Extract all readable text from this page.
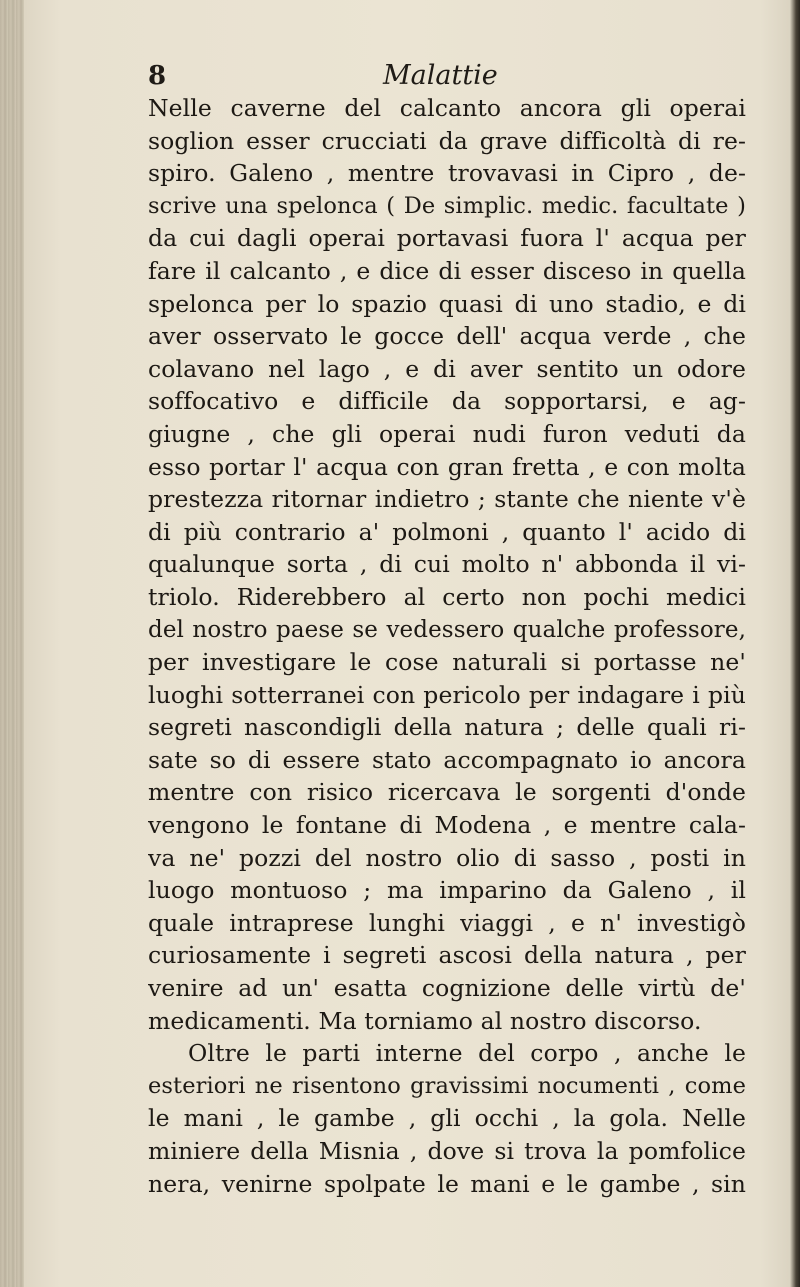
8	Malattie
Nelle caverne del calcanto ancora gli operai
soglion esser crucciati da grave difficoltà di re-
spiro. Galeno , mentre trovavasi in Cipro , de-
scrive una spelonca ( De simplic. medic. facultate )
da cui dagli operai portavasi fuora l' acqua per
fare il calcanto , e dice di esser disceso in quella
spelonca per lo spazio quasi di uno stadio, e di
aver osservato le gocce dell' acqua verde , che
colavano nel lago , e di aver sentito un odore
soffocativo e difficile da sopportarsi, e ag-
giugne , che gli operai nudi furon veduti da
esso portar l' acqua con gran fretta , e con molta
prestezza ritornar indietro ; stante che niente v'è
di più contrario a' polmoni , quanto l' acido di
qualunque sorta , di cui molto n' abbonda il vi-
triolo. Riderebbero al certo non pochi medici
del nostro paese se vedessero qualche professore,
per investigare le cose naturali si portasse ne'
luoghi sotterranei con pericolo per indagare i più
segreti nascondigli della natura ; delle quali ri-
sate so di essere stato accompagnato io ancora
mentre con risico ricercava le sorgenti d'onde
vengono le fontane di Modena , e mentre cala-
va ne' pozzi del nostro olio di sasso , posti in
luogo montuoso ; ma imparino da Galeno , il
quale intraprese lunghi viaggi , e n' investigò
curiosamente i segreti ascosi della natura , per
venire ad un' esatta cognizione delle virtù de'
medicamenti. Ma torniamo al nostro discorso.
Oltre le parti interne del corpo , anche le
esteriori ne risentono gravissimi nocumenti , come
le mani , le gambe , gli occhi , la gola. Nelle
miniere della Misnia , dove si trova la pomfolice
nera, venirne spolpate le mani e le gambe , sin
